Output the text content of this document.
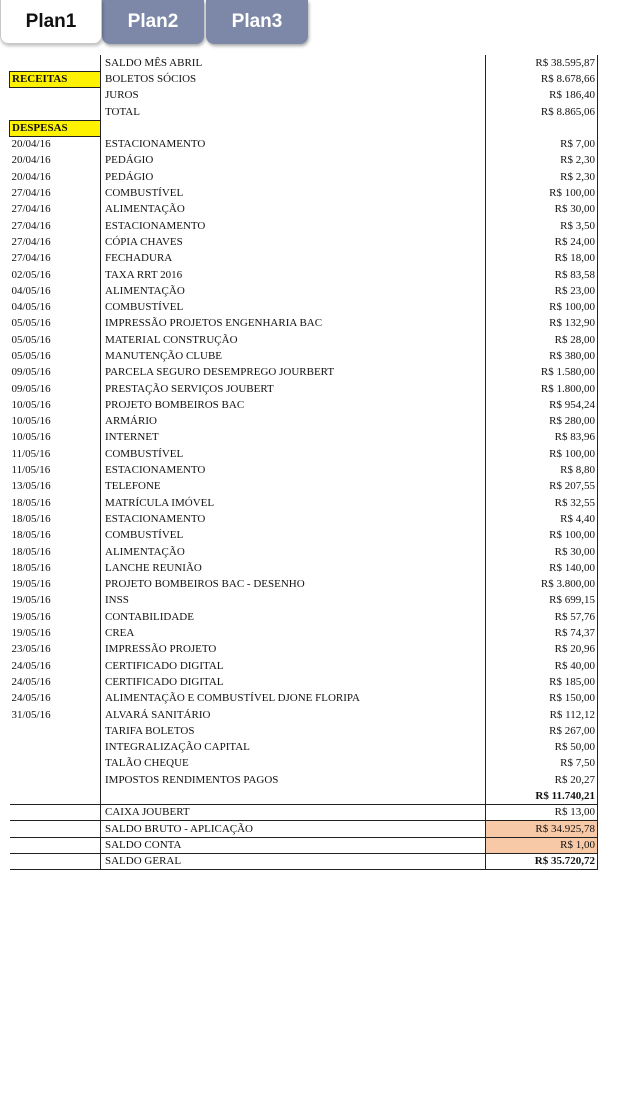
Plan1	Plan2	Plan3
	SALDO MÊS ABRIL	R$ 38.595,87
RECEITAS	BOLETOS SÓCIOS	R$ 8.678,66
	JUROS	R$ 186,40
	TOTAL	R$ 8.865,06
DESPESAS		
20/04/16	ESTACIONAMENTO	R$ 7,00
20/04/16	PEDÁGIO	R$ 2,30
20/04/16	PEDÁGIO	R$ 2,30
27/04/16	COMBUSTÍVEL	R$ 100,00
27/04/16	ALIMENTAÇÃO	R$ 30,00
27/04/16	ESTACIONAMENTO	R$ 3,50
27/04/16	CÓPIA CHAVES	R$ 24,00
27/04/16	FECHADURA	R$ 18,00
02/05/16	TAXA RRT 2016	R$ 83,58
04/05/16	ALIMENTAÇÃO	R$ 23,00
04/05/16	COMBUSTÍVEL	R$ 100,00
05/05/16	IMPRESSÃO PROJETOS ENGENHARIA BAC	R$ 132,90
05/05/16	MATERIAL CONSTRUÇÃO	R$ 28,00
05/05/16	MANUTENÇÃO CLUBE	R$ 380,00
09/05/16	PARCELA SEGURO DESEMPREGO JOURBERT	R$ 1.580,00
09/05/16	PRESTAÇÃO SERVIÇOS JOUBERT	R$ 1.800,00
10/05/16	PROJETO BOMBEIROS BAC	R$ 954,24
10/05/16	ARMÁRIO	R$ 280,00
10/05/16	INTERNET	R$ 83,96
11/05/16	COMBUSTÍVEL	R$ 100,00
11/05/16	ESTACIONAMENTO	R$ 8,80
13/05/16	TELEFONE	R$ 207,55
18/05/16	MATRÍCULA IMÓVEL	R$ 32,55
18/05/16	ESTACIONAMENTO	R$ 4,40
18/05/16	COMBUSTÍVEL	R$ 100,00
18/05/16	ALIMENTAÇÃO	R$ 30,00
18/05/16	LANCHE REUNIÃO	R$ 140,00
19/05/16	PROJETO BOMBEIROS BAC - DESENHO	R$ 3.800,00
19/05/16	INSS	R$ 699,15
19/05/16	CONTABILIDADE	R$ 57,76
19/05/16	CREA	R$ 74,37
23/05/16	IMPRESSÃO PROJETO	R$ 20,96
24/05/16	CERTIFICADO DIGITAL	R$ 40,00
24/05/16	CERTIFICADO DIGITAL	R$ 185,00
24/05/16	ALIMENTAÇÃO E COMBUSTÍVEL DJONE FLORIPA	R$ 150,00
31/05/16	ALVARÁ SANITÁRIO	R$ 112,12
	TARIFA BOLETOS	R$ 267,00
	INTEGRALIZAÇÃO CAPITAL	R$ 50,00
	TALÃO CHEQUE	R$ 7,50
	IMPOSTOS RENDIMENTOS PAGOS	R$ 20,27
		R$ 11.740,21
	CAIXA JOUBERT	R$ 13,00
	SALDO BRUTO - APLICAÇÃO	R$ 34.925,78
	SALDO CONTA	R$ 1,00
	SALDO GERAL	R$ 35.720,72
